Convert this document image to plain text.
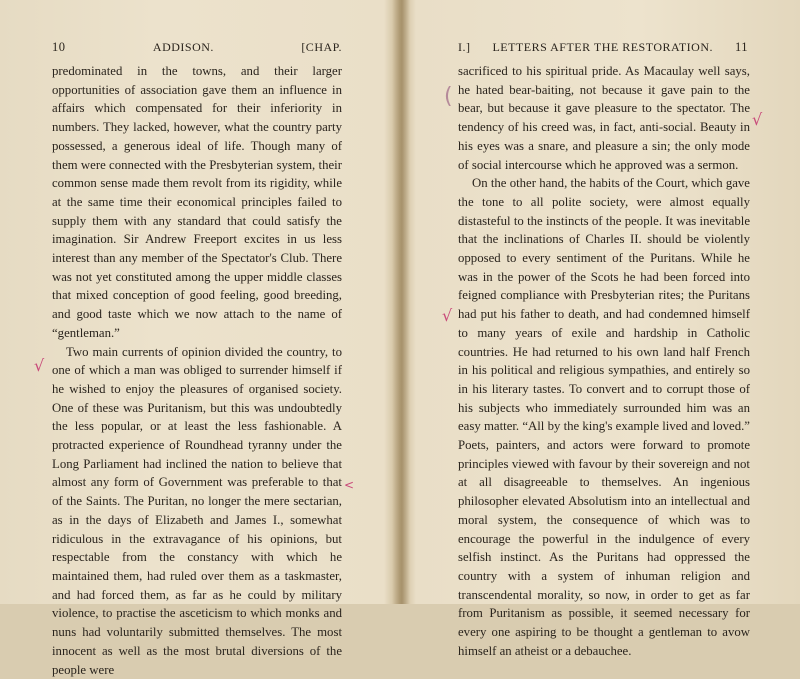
10	ADDISON.	[CHAP.

predominated in the towns, and their larger opportunities of association gave them an influence in affairs which compensated for their inferiority in numbers. They lacked, however, what the country party possessed, a generous ideal of life. Though many of them were connected with the Presbyterian system, their common sense made them revolt from its rigidity, while at the same time their economical principles failed to supply them with any standard that could satisfy the imagination. Sir Andrew Freeport excites in us less interest than any member of the Spectator's Club. There was not yet constituted among the upper middle classes that mixed conception of good feeling, good breeding, and good taste which we now attach to the name of “gentleman.”

Two main currents of opinion divided the country, to one of which a man was obliged to surrender himself if he wished to enjoy the pleasures of organised society. One of these was Puritanism, but this was undoubtedly the less popular, or at least the less fashionable. A protracted experience of Roundhead tyranny under the Long Parliament had inclined the nation to believe that almost any form of Government was preferable to that of the Saints. The Puritan, no longer the mere sectarian, as in the days of Elizabeth and James I., somewhat ridiculous in the extravagance of his opinions, but respectable from the constancy with which he maintained them, had ruled over them as a taskmaster, and had forced them, as far as he could by military violence, to practise the asceticism to which monks and nuns had voluntarily submitted themselves. The most innocent as well as the most brutal diversions of the people were

√
<
I.] LETTERS AFTER THE RESTORATION. 11

sacrificed to his spiritual pride. As Macaulay well says, he hated bear-baiting, not because it gave pain to the bear, but because it gave pleasure to the spectator. The tendency of his creed was, in fact, anti-social. Beauty in his eyes was a snare, and pleasure a sin; the only mode of social intercourse which he approved was a sermon.

On the other hand, the habits of the Court, which gave the tone to all polite society, were almost equally distasteful to the instincts of the people. It was inevitable that the inclinations of Charles II. should be violently opposed to every sentiment of the Puritans. While he was in the power of the Scots he had been forced into feigned compliance with Presbyterian rites; the Puritans had put his father to death, and had condemned himself to many years of exile and hardship in Catholic countries. He had returned to his own land half French in his political and religious sympathies, and entirely so in his literary tastes. To convert and to corrupt those of his subjects who immediately surrounded him was an easy matter. “All by the king's example lived and loved.” Poets, painters, and actors were forward to promote principles viewed with favour by their sovereign and not at all disagreeable to themselves. An ingenious philosopher elevated Absolutism into an intellectual and moral system, the consequence of which was to encourage the powerful in the indulgence of every selfish instinct. As the Puritans had oppressed the country with a system of inhuman religion and transcendental morality, so now, in order to get as far from Puritanism as possible, it seemed necessary for every one aspiring to be thought a gentleman to avow himself an atheist or a debauchee.

(
√
√
